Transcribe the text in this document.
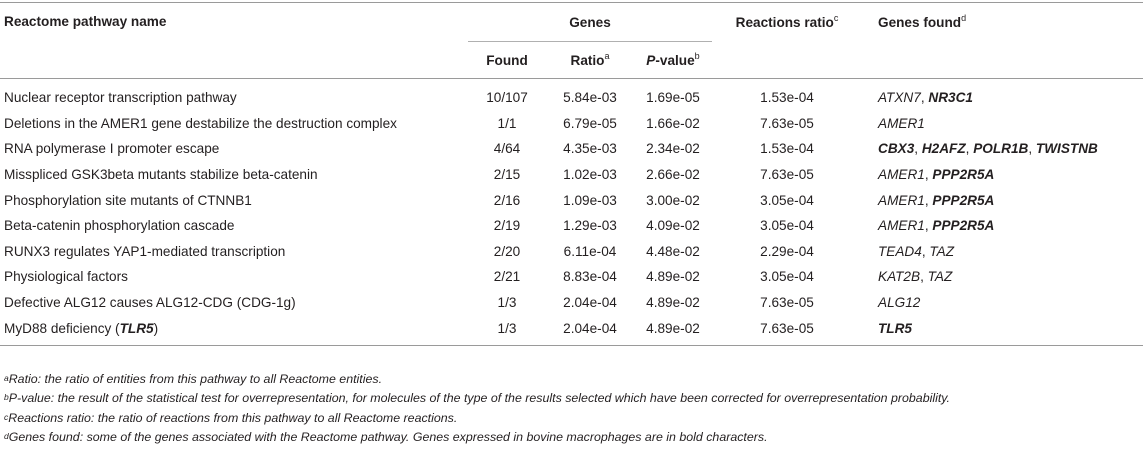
Reactome pathway name	Genes			Reactions ratio$^c$	Genes found$^d$
	Found	Ratio$^a$	P-value$^b$		
Nuclear receptor transcription pathway	10/107	5.84e-03	1.69e-05	1.53e-04	ATXN7, NR3C1
Deletions in the AMER1 gene destabilize the destruction complex	1/1	6.79e-05	1.66e-02	7.63e-05	AMER1
RNA polymerase I promoter escape	4/64	4.35e-03	2.34e-02	1.53e-04	CBX3, H2AFZ, POLR1B, TWISTNB
Misspliced GSK3beta mutants stabilize beta-catenin	2/15	1.02e-03	2.66e-02	7.63e-05	AMER1, PPP2R5A
Phosphorylation site mutants of CTNNB1	2/16	1.09e-03	3.00e-02	3.05e-04	AMER1, PPP2R5A
Beta-catenin phosphorylation cascade	2/19	1.29e-03	4.09e-02	3.05e-04	AMER1, PPP2R5A
RUNX3 regulates YAP1-mediated transcription	2/20	6.11e-04	4.48e-02	2.29e-04	TEAD4, TAZ
Physiological factors	2/21	8.83e-04	4.89e-02	3.05e-04	KAT2B, TAZ
Defective ALG12 causes ALG12-CDG (CDG-1g)	1/3	2.04e-04	4.89e-02	7.63e-05	ALG12
MyD88 deficiency (TLR5)	1/3	2.04e-04	4.89e-02	7.63e-05	TLR5
$^a$Ratio: the ratio of entities from this pathway to all Reactome entities.
$^b$P-value: the result of the statistical test for overrepresentation, for molecules of the type of the results selected which have been corrected for overrepresentation probability.
$^c$Reactions ratio: the ratio of reactions from this pathway to all Reactome reactions.
$^d$Genes found: some of the genes associated with the Reactome pathway. Genes expressed in bovine macrophages are in bold characters.
